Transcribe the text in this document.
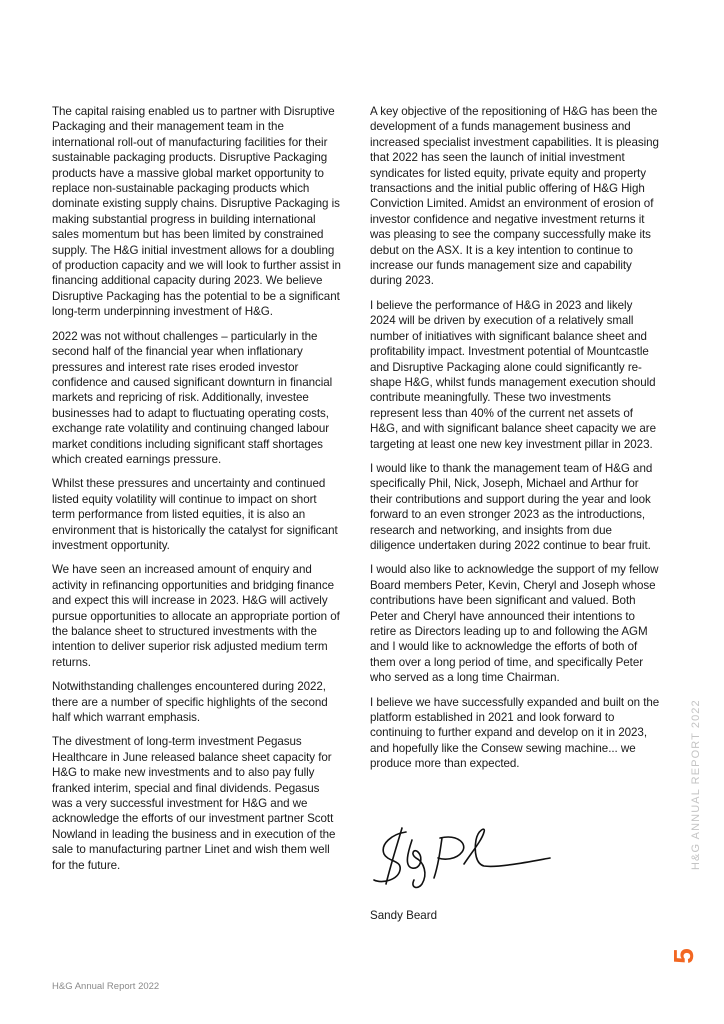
The capital raising enabled us to partner with Disruptive Packaging and their management team in the international roll-out of manufacturing facilities for their sustainable packaging products. Disruptive Packaging products have a massive global market opportunity to replace non-sustainable packaging products which dominate existing supply chains. Disruptive Packaging is making substantial progress in building international sales momentum but has been limited by constrained supply. The H&G initial investment allows for a doubling of production capacity and we will look to further assist in financing additional capacity during 2023. We believe Disruptive Packaging has the potential to be a significant long-term underpinning investment of H&G.

2022 was not without challenges – particularly in the second half of the financial year when inflationary pressures and interest rate rises eroded investor confidence and caused significant downturn in financial markets and repricing of risk. Additionally, investee businesses had to adapt to fluctuating operating costs, exchange rate volatility and continuing changed labour market conditions including significant staff shortages which created earnings pressure.

Whilst these pressures and uncertainty and continued listed equity volatility will continue to impact on short term performance from listed equities, it is also an environment that is historically the catalyst for significant investment opportunity.

We have seen an increased amount of enquiry and activity in refinancing opportunities and bridging finance and expect this will increase in 2023. H&G will actively pursue opportunities to allocate an appropriate portion of the balance sheet to structured investments with the intention to deliver superior risk adjusted medium term returns.

Notwithstanding challenges encountered during 2022, there are a number of specific highlights of the second half which warrant emphasis.

The divestment of long-term investment Pegasus Healthcare in June released balance sheet capacity for H&G to make new investments and to also pay fully franked interim, special and final dividends. Pegasus was a very successful investment for H&G and we acknowledge the efforts of our investment partner Scott Nowland in leading the business and in execution of the sale to manufacturing partner Linet and wish them well for the future.

A key objective of the repositioning of H&G has been the development of a funds management business and increased specialist investment capabilities. It is pleasing that 2022 has seen the launch of initial investment syndicates for listed equity, private equity and property transactions and the initial public offering of H&G High Conviction Limited. Amidst an environment of erosion of investor confidence and negative investment returns it was pleasing to see the company successfully make its debut on the ASX. It is a key intention to continue to increase our funds management size and capability during 2023.

I believe the performance of H&G in 2023 and likely 2024 will be driven by execution of a relatively small number of initiatives with significant balance sheet and profitability impact. Investment potential of Mountcastle and Disruptive Packaging alone could significantly re-shape H&G, whilst funds management execution should contribute meaningfully. These two investments represent less than 40% of the current net assets of H&G, and with significant balance sheet capacity we are targeting at least one new key investment pillar in 2023.

I would like to thank the management team of H&G and specifically Phil, Nick, Joseph, Michael and Arthur for their contributions and support during the year and look forward to an even stronger 2023 as the introductions, research and networking, and insights from due diligence undertaken during 2022 continue to bear fruit.

I would also like to acknowledge the support of my fellow Board members Peter, Kevin, Cheryl and Joseph whose contributions have been significant and valued. Both Peter and Cheryl have announced their intentions to retire as Directors leading up to and following the AGM and I would like to acknowledge the efforts of both of them over a long period of time, and specifically Peter who served as a long time Chairman.

I believe we have successfully expanded and built on the platform established in 2021 and look forward to continuing to further expand and develop on it in 2023, and hopefully like the Consew sewing machine... we produce more than expected.

Sandy Beard
H&G ANNUAL REPORT 2022
5
H&G Annual Report 2022
